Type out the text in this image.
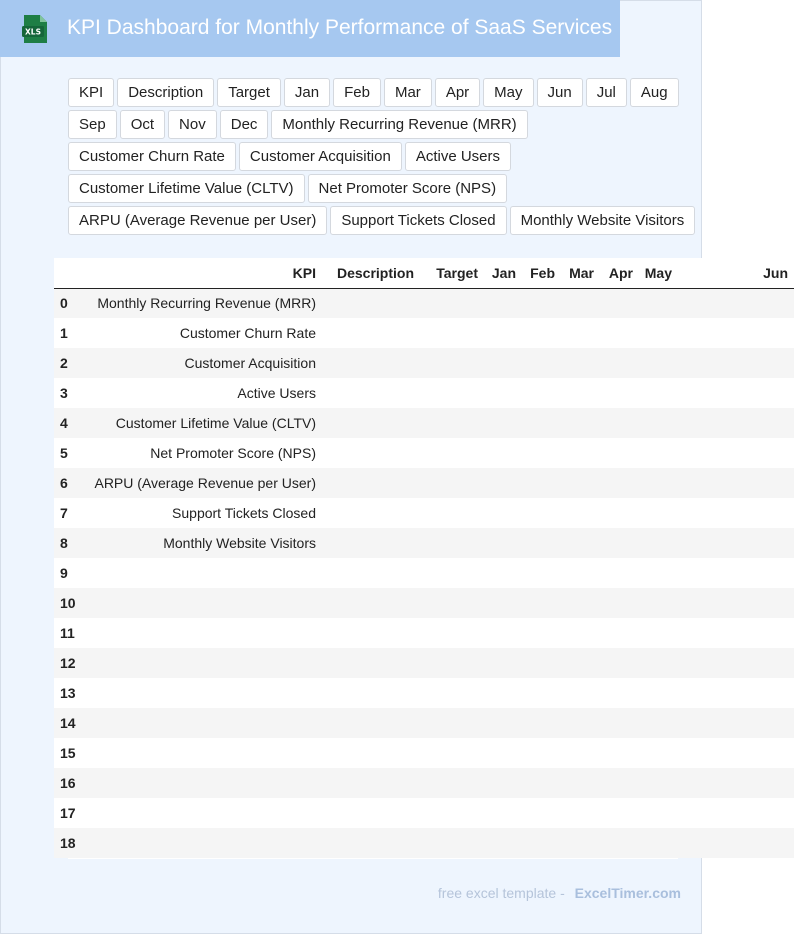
XLS KPI Dashboard for Monthly Performance of SaaS Services
KPI	Description	Target	Jan	Feb	Mar	Apr	May	Jun	Jul	Aug
Sep	Oct	Nov	Dec	Monthly Recurring Revenue (MRR)
Customer Churn Rate	Customer Acquisition	Active Users
Customer Lifetime Value (CLTV)	Net Promoter Score (NPS)
ARPU (Average Revenue per User)	Support Tickets Closed	Monthly Website Visitors
	KPI	Description	Target	Jan	Feb	Mar	Apr	May	Jun
0	Monthly Recurring Revenue (MRR)								
1	Customer Churn Rate								
2	Customer Acquisition								
3	Active Users								
4	Customer Lifetime Value (CLTV)								
5	Net Promoter Score (NPS)								
6	ARPU (Average Revenue per User)								
7	Support Tickets Closed								
8	Monthly Website Visitors								
9									
10									
11									
12									
13									
14									
15									
16									
17									
18									
free excel template - ExcelTimer.com
